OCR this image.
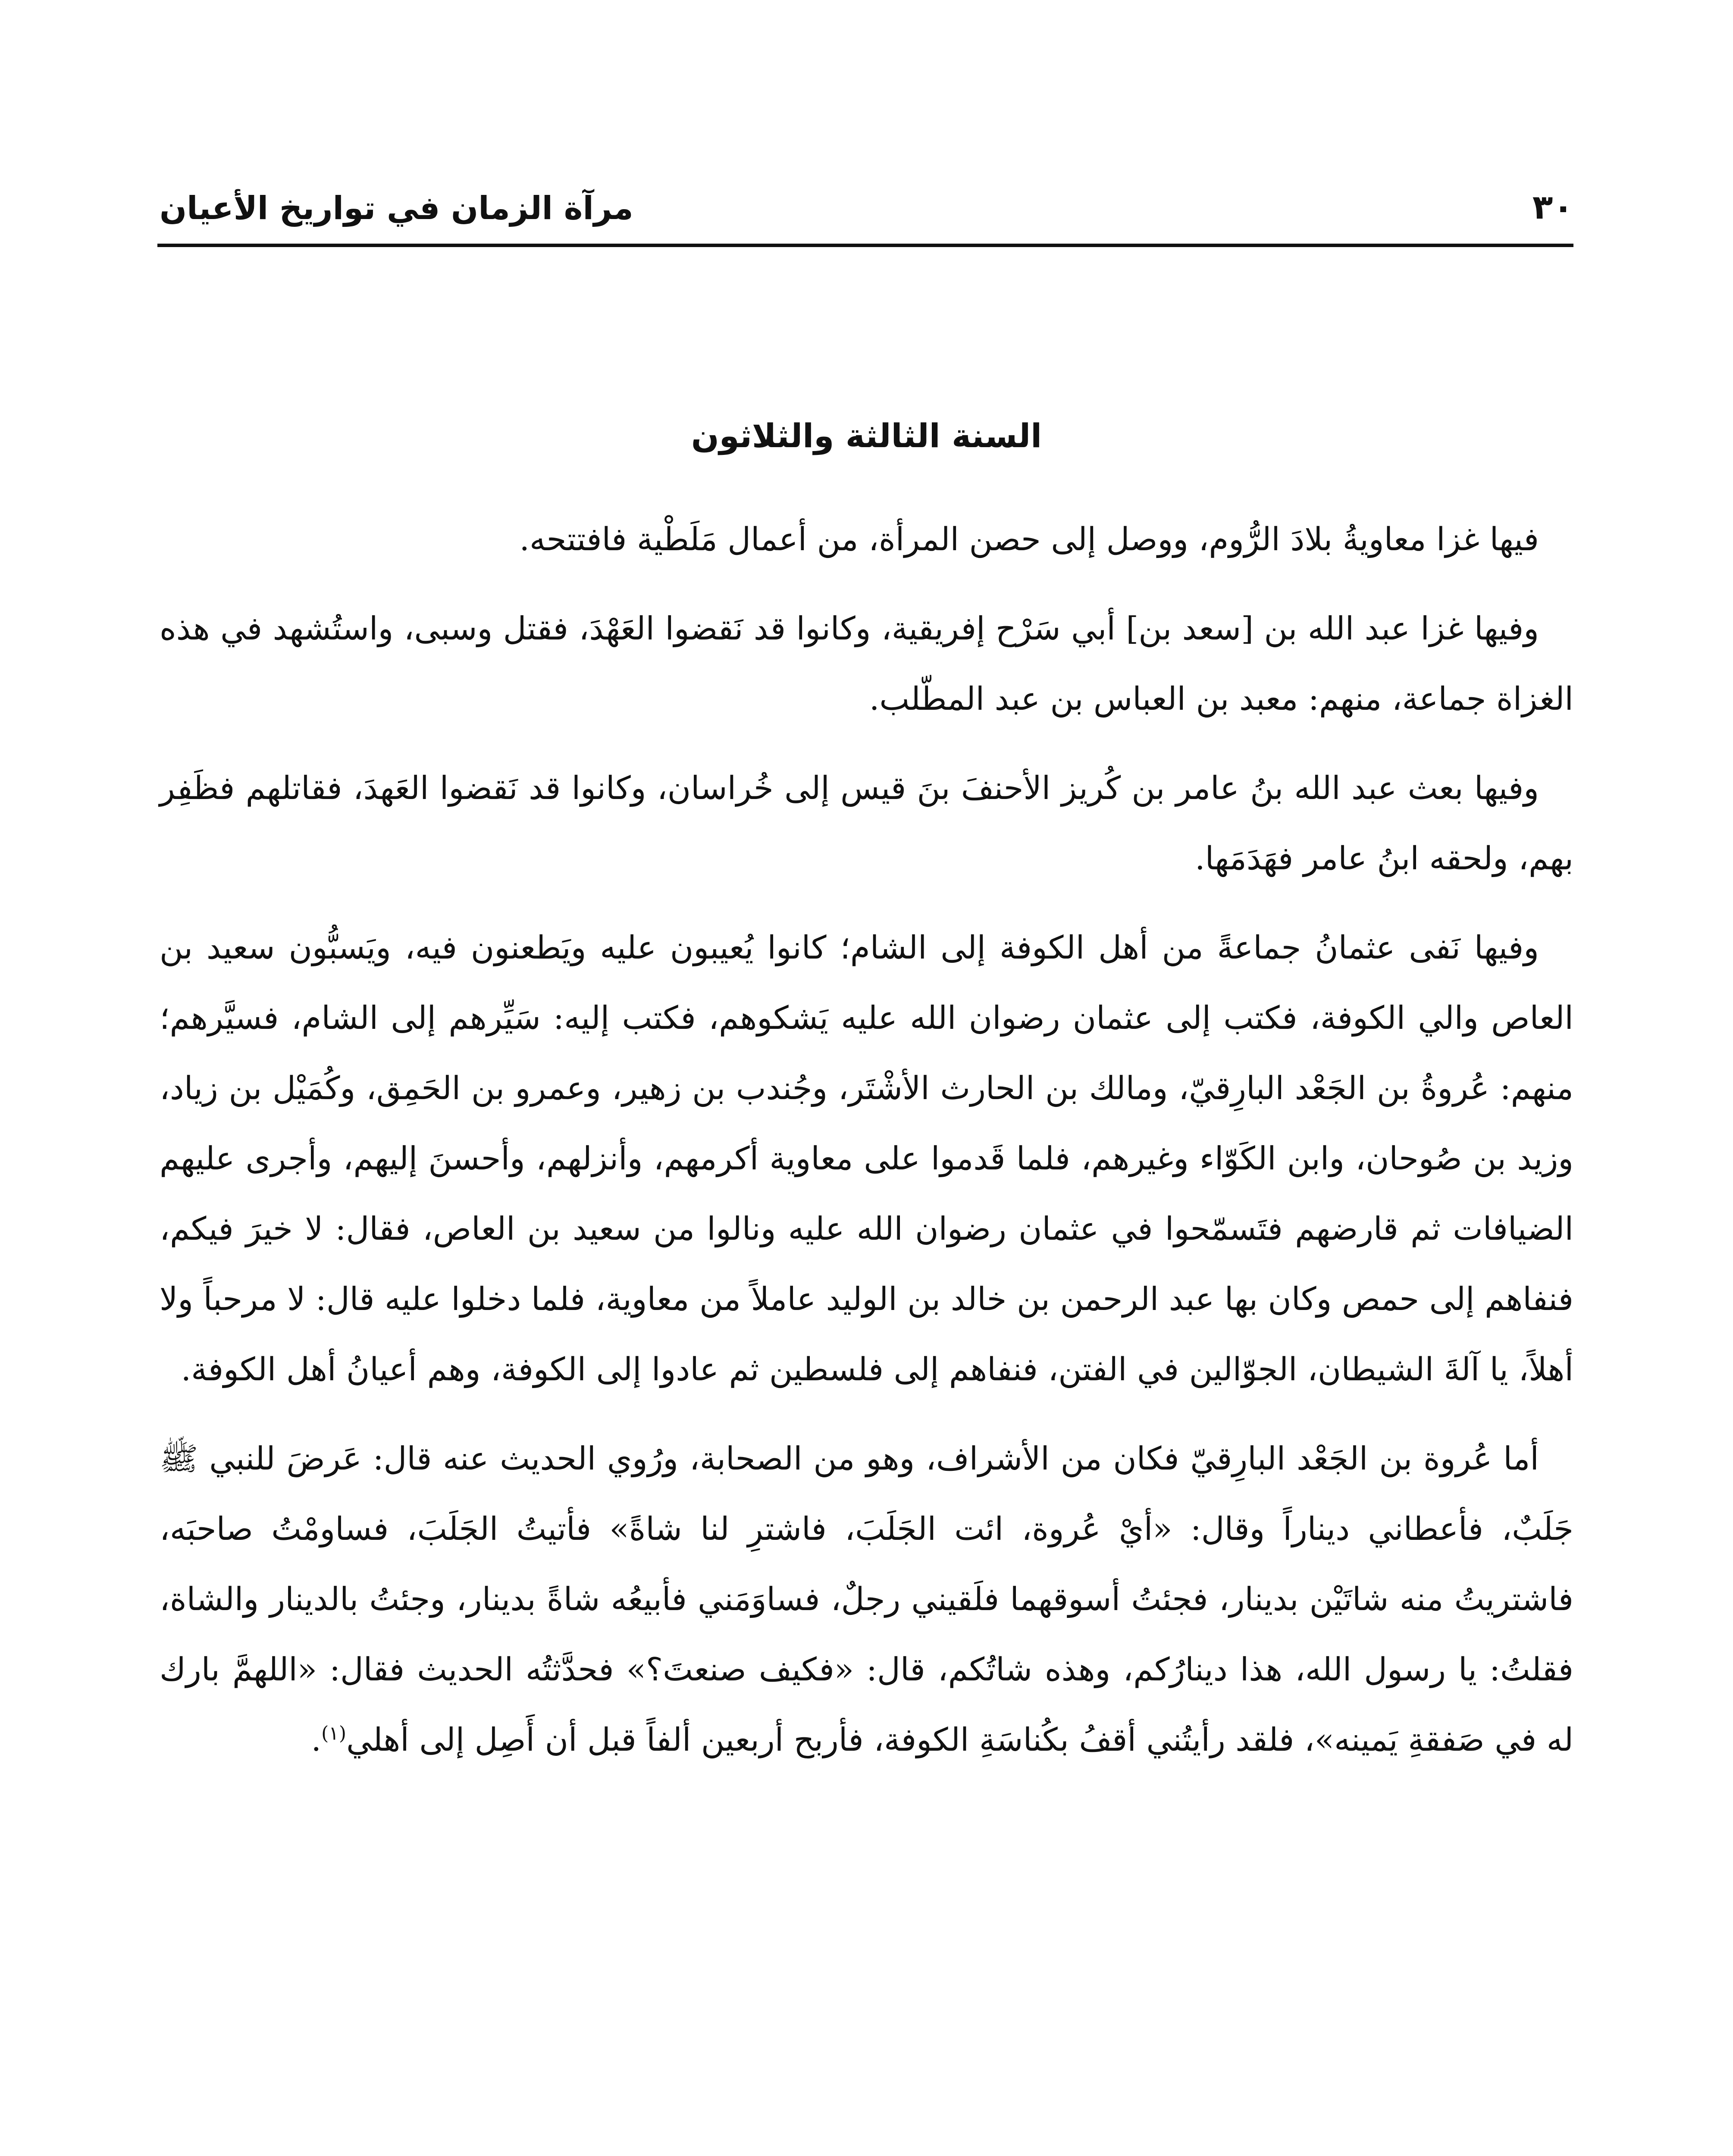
٣٠
مرآة الزمان في تواريخ الأعيان
السنة الثالثة والثلاثون

فيها غزا معاويةُ بلادَ الرُّوم، ووصل إلى حصن المرأة، من أعمال مَلَطْية فافتتحه.

وفيها غزا عبد الله بن [سعد بن] أبي سَرْح إفريقية، وكانوا قد نَقضوا العَهْدَ، فقتل وسبى، واستُشهد في هذه الغزاة جماعة، منهم: معبد بن العباس بن عبد المطّلب.

وفيها بعث عبد الله بنُ عامر بن كُريز الأحنفَ بنَ قيس إلى خُراسان، وكانوا قد نَقضوا العَهدَ، فقاتلهم فظَفِر بهم، ولحقه ابنُ عامر فهَدَمَها.

وفيها نَفى عثمانُ جماعةً من أهل الكوفة إلى الشام؛ كانوا يُعيبون عليه ويَطعنون فيه، ويَسبُّون سعيد بن العاص والي الكوفة، فكتب إلى عثمان رضوان الله عليه يَشكوهم، فكتب إليه: سَيِّرهم إلى الشام، فسيَّرهم؛ منهم: عُروةُ بن الجَعْد البارِقيّ، ومالك بن الحارث الأشْتَر، وجُندب بن زهير، وعمرو بن الحَمِق، وكُمَيْل بن زياد، وزيد بن صُوحان، وابن الكَوّاء وغيرهم، فلما قَدموا على معاوية أكرمهم، وأنزلهم، وأحسنَ إليهم، وأجرى عليهم الضيافات ثم قارضهم فتَسمّحوا في عثمان رضوان الله عليه ونالوا من سعيد بن العاص، فقال: لا خيرَ فيكم، فنفاهم إلى حمص وكان بها عبد الرحمن بن خالد بن الوليد عاملاً من معاوية، فلما دخلوا عليه قال: لا مرحباً ولا أهلاً، يا آلةَ الشيطان، الجوّالين في الفتن، فنفاهم إلى فلسطين ثم عادوا إلى الكوفة، وهم أعيانُ أهل الكوفة.

أما عُروة بن الجَعْد البارِقيّ فكان من الأشراف، وهو من الصحابة، ورُوي الحديث عنه قال: عَرضَ للنبي ﷺ جَلَبٌ، فأعطاني ديناراً وقال: «أيْ عُروة، ائت الجَلَبَ، فاشترِ لنا شاةً» فأتيتُ الجَلَبَ، فساومْتُ صاحبَه، فاشتريتُ منه شاتَيْن بدينار، فجئتُ أسوقهما فلَقيني رجلٌ، فساوَمَني فأبيعُه شاةً بدينار، وجئتُ بالدينار والشاة، فقلتُ: يا رسول الله، هذا دينارُكم، وهذه شاتُكم، قال: «فكيف صنعتَ؟» فحدَّثتُه الحديث فقال: «اللهمَّ بارك له في صَفقةِ يَمينه»، فلقد رأيتُني أقفُ بكُناسَةِ الكوفة، فأربح أربعين ألفاً قبل أن أَصِل إلى أهلي$^{(١)}$.
